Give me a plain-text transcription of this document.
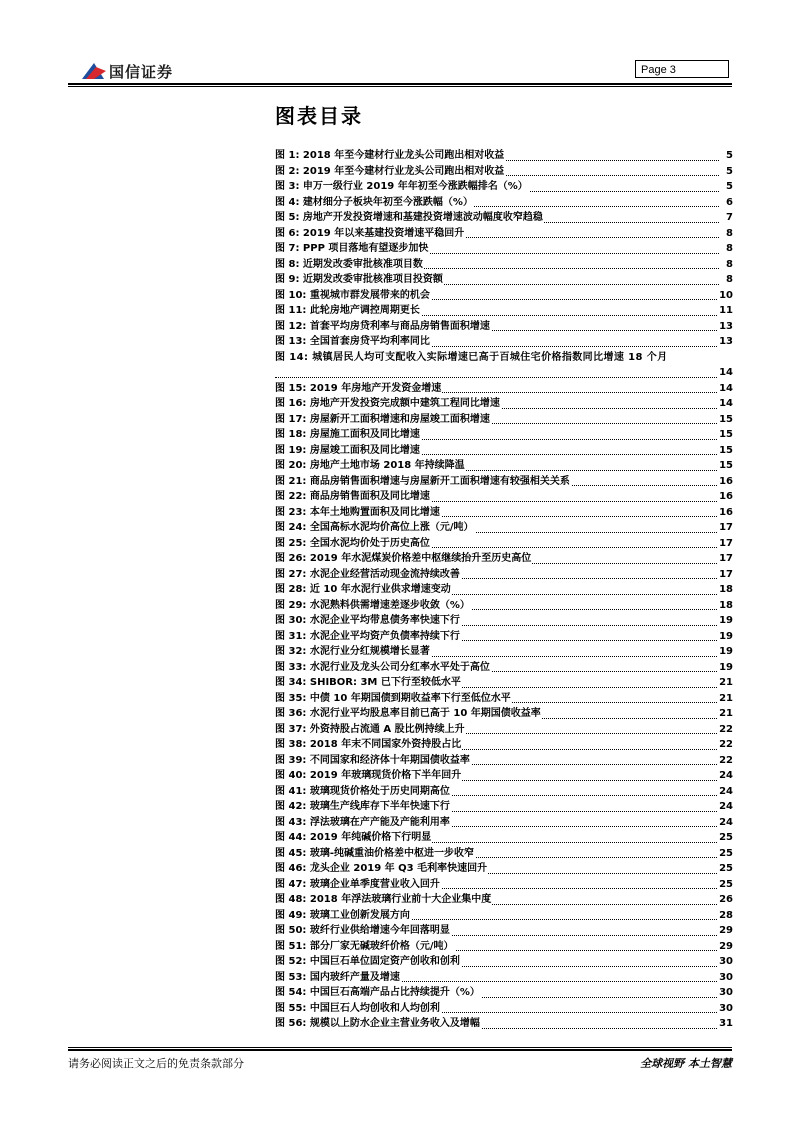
国信证券	Page 3
图表目录
图 1: 2018 年至今建材行业龙头公司跑出相对收益	5
图 2: 2019 年至今建材行业龙头公司跑出相对收益	5
图 3: 申万一级行业 2019 年年初至今涨跌幅排名（%）	5
图 4: 建材细分子板块年初至今涨跌幅（%）	6
图 5: 房地产开发投资增速和基建投资增速波动幅度收窄趋稳	7
图 6: 2019 年以来基建投资增速平稳回升	8
图 7: PPP 项目落地有望逐步加快	8
图 8: 近期发改委审批核准项目数	8
图 9: 近期发改委审批核准项目投资额	8
图 10: 重视城市群发展带来的机会	10
图 11: 此轮房地产调控周期更长	11
图 12: 首套平均房贷利率与商品房销售面积增速	13
图 13: 全国首套房贷平均利率同比	13
图 14: 城镇居民人均可支配收入实际增速已高于百城住宅价格指数同比增速 18 个月
14
图 15: 2019 年房地产开发资金增速	14
图 16: 房地产开发投资完成额中建筑工程同比增速	14
图 17: 房屋新开工面积增速和房屋竣工面积增速	15
图 18: 房屋施工面积及同比增速	15
图 19: 房屋竣工面积及同比增速	15
图 20: 房地产土地市场 2018 年持续降温	15
图 21: 商品房销售面积增速与房屋新开工面积增速有较强相关关系	16
图 22: 商品房销售面积及同比增速	16
图 23: 本年土地购置面积及同比增速	16
图 24: 全国高标水泥均价高位上涨（元/吨）	17
图 25: 全国水泥均价处于历史高位	17
图 26: 2019 年水泥煤炭价格差中枢继续抬升至历史高位	17
图 27: 水泥企业经营活动现金流持续改善	17
图 28: 近 10 年水泥行业供求增速变动	18
图 29: 水泥熟料供需增速差逐步收敛（%）	18
图 30: 水泥企业平均带息债务率快速下行	19
图 31: 水泥企业平均资产负债率持续下行	19
图 32: 水泥行业分红规模增长显著	19
图 33: 水泥行业及龙头公司分红率水平处于高位	19
图 34: SHIBOR: 3M 已下行至较低水平	21
图 35: 中债 10 年期国债到期收益率下行至低位水平	21
图 36: 水泥行业平均股息率目前已高于 10 年期国债收益率	21
图 37: 外资持股占流通 A 股比例持续上升	22
图 38: 2018 年末不同国家外资持股占比	22
图 39: 不同国家和经济体十年期国债收益率	22
图 40: 2019 年玻璃现货价格下半年回升	24
图 41: 玻璃现货价格处于历史同期高位	24
图 42: 玻璃生产线库存下半年快速下行	24
图 43: 浮法玻璃在产产能及产能利用率	24
图 44: 2019 年纯碱价格下行明显	25
图 45: 玻璃-纯碱重油价格差中枢进一步收窄	25
图 46: 龙头企业 2019 年 Q3 毛利率快速回升	25
图 47: 玻璃企业单季度营业收入回升	25
图 48: 2018 年浮法玻璃行业前十大企业集中度	26
图 49: 玻璃工业创新发展方向	28
图 50: 玻纤行业供给增速今年回落明显	29
图 51: 部分厂家无碱玻纤价格（元/吨）	29
图 52: 中国巨石单位固定资产创收和创利	30
图 53: 国内玻纤产量及增速	30
图 54: 中国巨石高端产品占比持续提升（%）	30
图 55: 中国巨石人均创收和人均创利	30
图 56: 规模以上防水企业主营业务收入及增幅	31
请务必阅读正文之后的免责条款部分	全球视野 本土智慧
